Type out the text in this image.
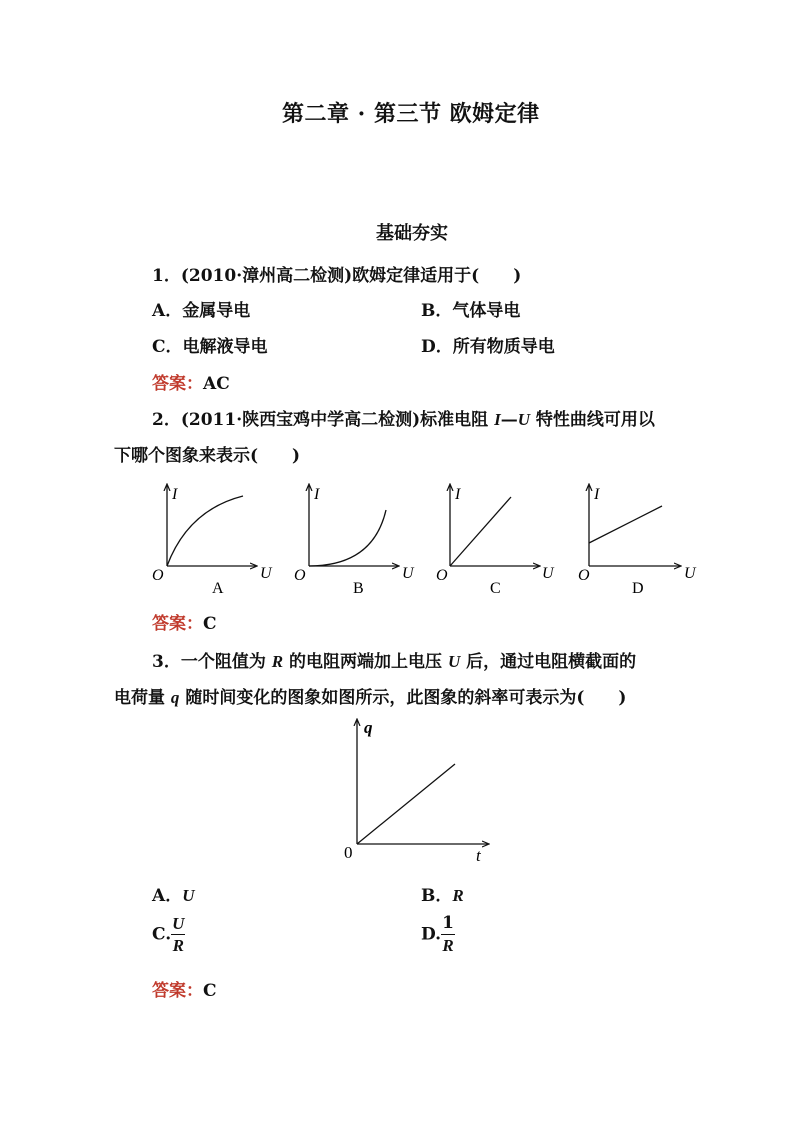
第二章 · 第三节 欧姆定律
基础夯实
1．(2010·漳州高二检测)欧姆定律适用于(　　)
A．金属导电	B．气体导电
C．电解液导电	D．所有物质导电
答案：AC
2．(2011·陕西宝鸡中学高二检测)标准电阻 I—U 特性曲线可用以
下哪个图象来表示(　　)
I
U
O
A
I
U
O
B
I
U
O
C
I
U
O
D
答案：C
3．一个阻值为 R 的电阻两端加上电压 U 后，通过电阻横截面的
电荷量 q 随时间变化的图象如图所示，此图象的斜率可表示为(　　)
q
t
0
A．U	B．R
C. $\frac{U}{R}$	D. $\frac{1}{R}$
答案：C
